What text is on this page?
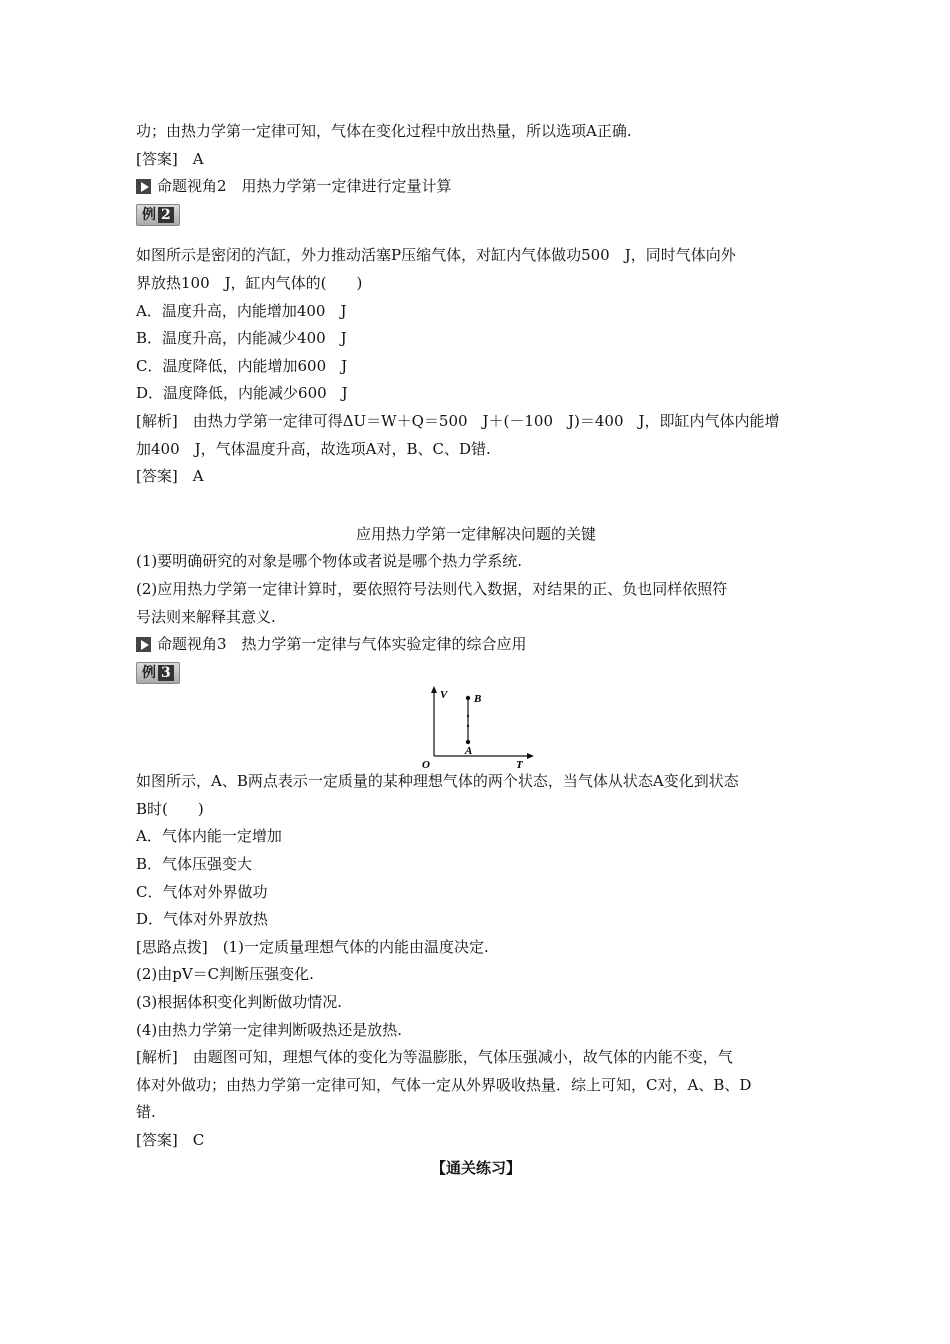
功；由热力学第一定律可知，气体在变化过程中放出热量，所以选项A正确.
[答案]　A
命题视角2　用热力学第一定律进行定量计算
例 2
如图所示是密闭的汽缸，外力推动活塞P压缩气体，对缸内气体做功500　J，同时气体向外
界放热100　J，缸内气体的(　　)
A．温度升高，内能增加400　J
B．温度升高，内能减少400　J
C．温度降低，内能增加600　J
D．温度降低，内能减少600　J
[解析]　由热力学第一定律可得ΔU＝W＋Q＝500　J＋(－100　J)＝400　J，即缸内气体内能增
加400　J，气体温度升高，故选项A对，B、C、D错.
[答案]　A
应用热力学第一定律解决问题的关键
(1)要明确研究的对象是哪个物体或者说是哪个热力学系统.
(2)应用热力学第一定律计算时，要依照符号法则代入数据，对结果的正、负也同样依照符
号法则来解释其意义.
命题视角3　热力学第一定律与气体实验定律的综合应用
例 3
V
T
O
B
A
如图所示，A、B两点表示一定质量的某种理想气体的两个状态，当气体从状态A变化到状态
B时(　　)
A．气体内能一定增加
B．气体压强变大
C．气体对外界做功
D．气体对外界放热
[思路点拨]　(1)一定质量理想气体的内能由温度决定.
(2)由pV＝C判断压强变化.
(3)根据体积变化判断做功情况.
(4)由热力学第一定律判断吸热还是放热.
[解析]　由题图可知，理想气体的变化为等温膨胀，气体压强减小，故气体的内能不变，气
体对外做功；由热力学第一定律可知，气体一定从外界吸收热量．综上可知，C对，A、B、D
错.
[答案]　C
【通关练习】
